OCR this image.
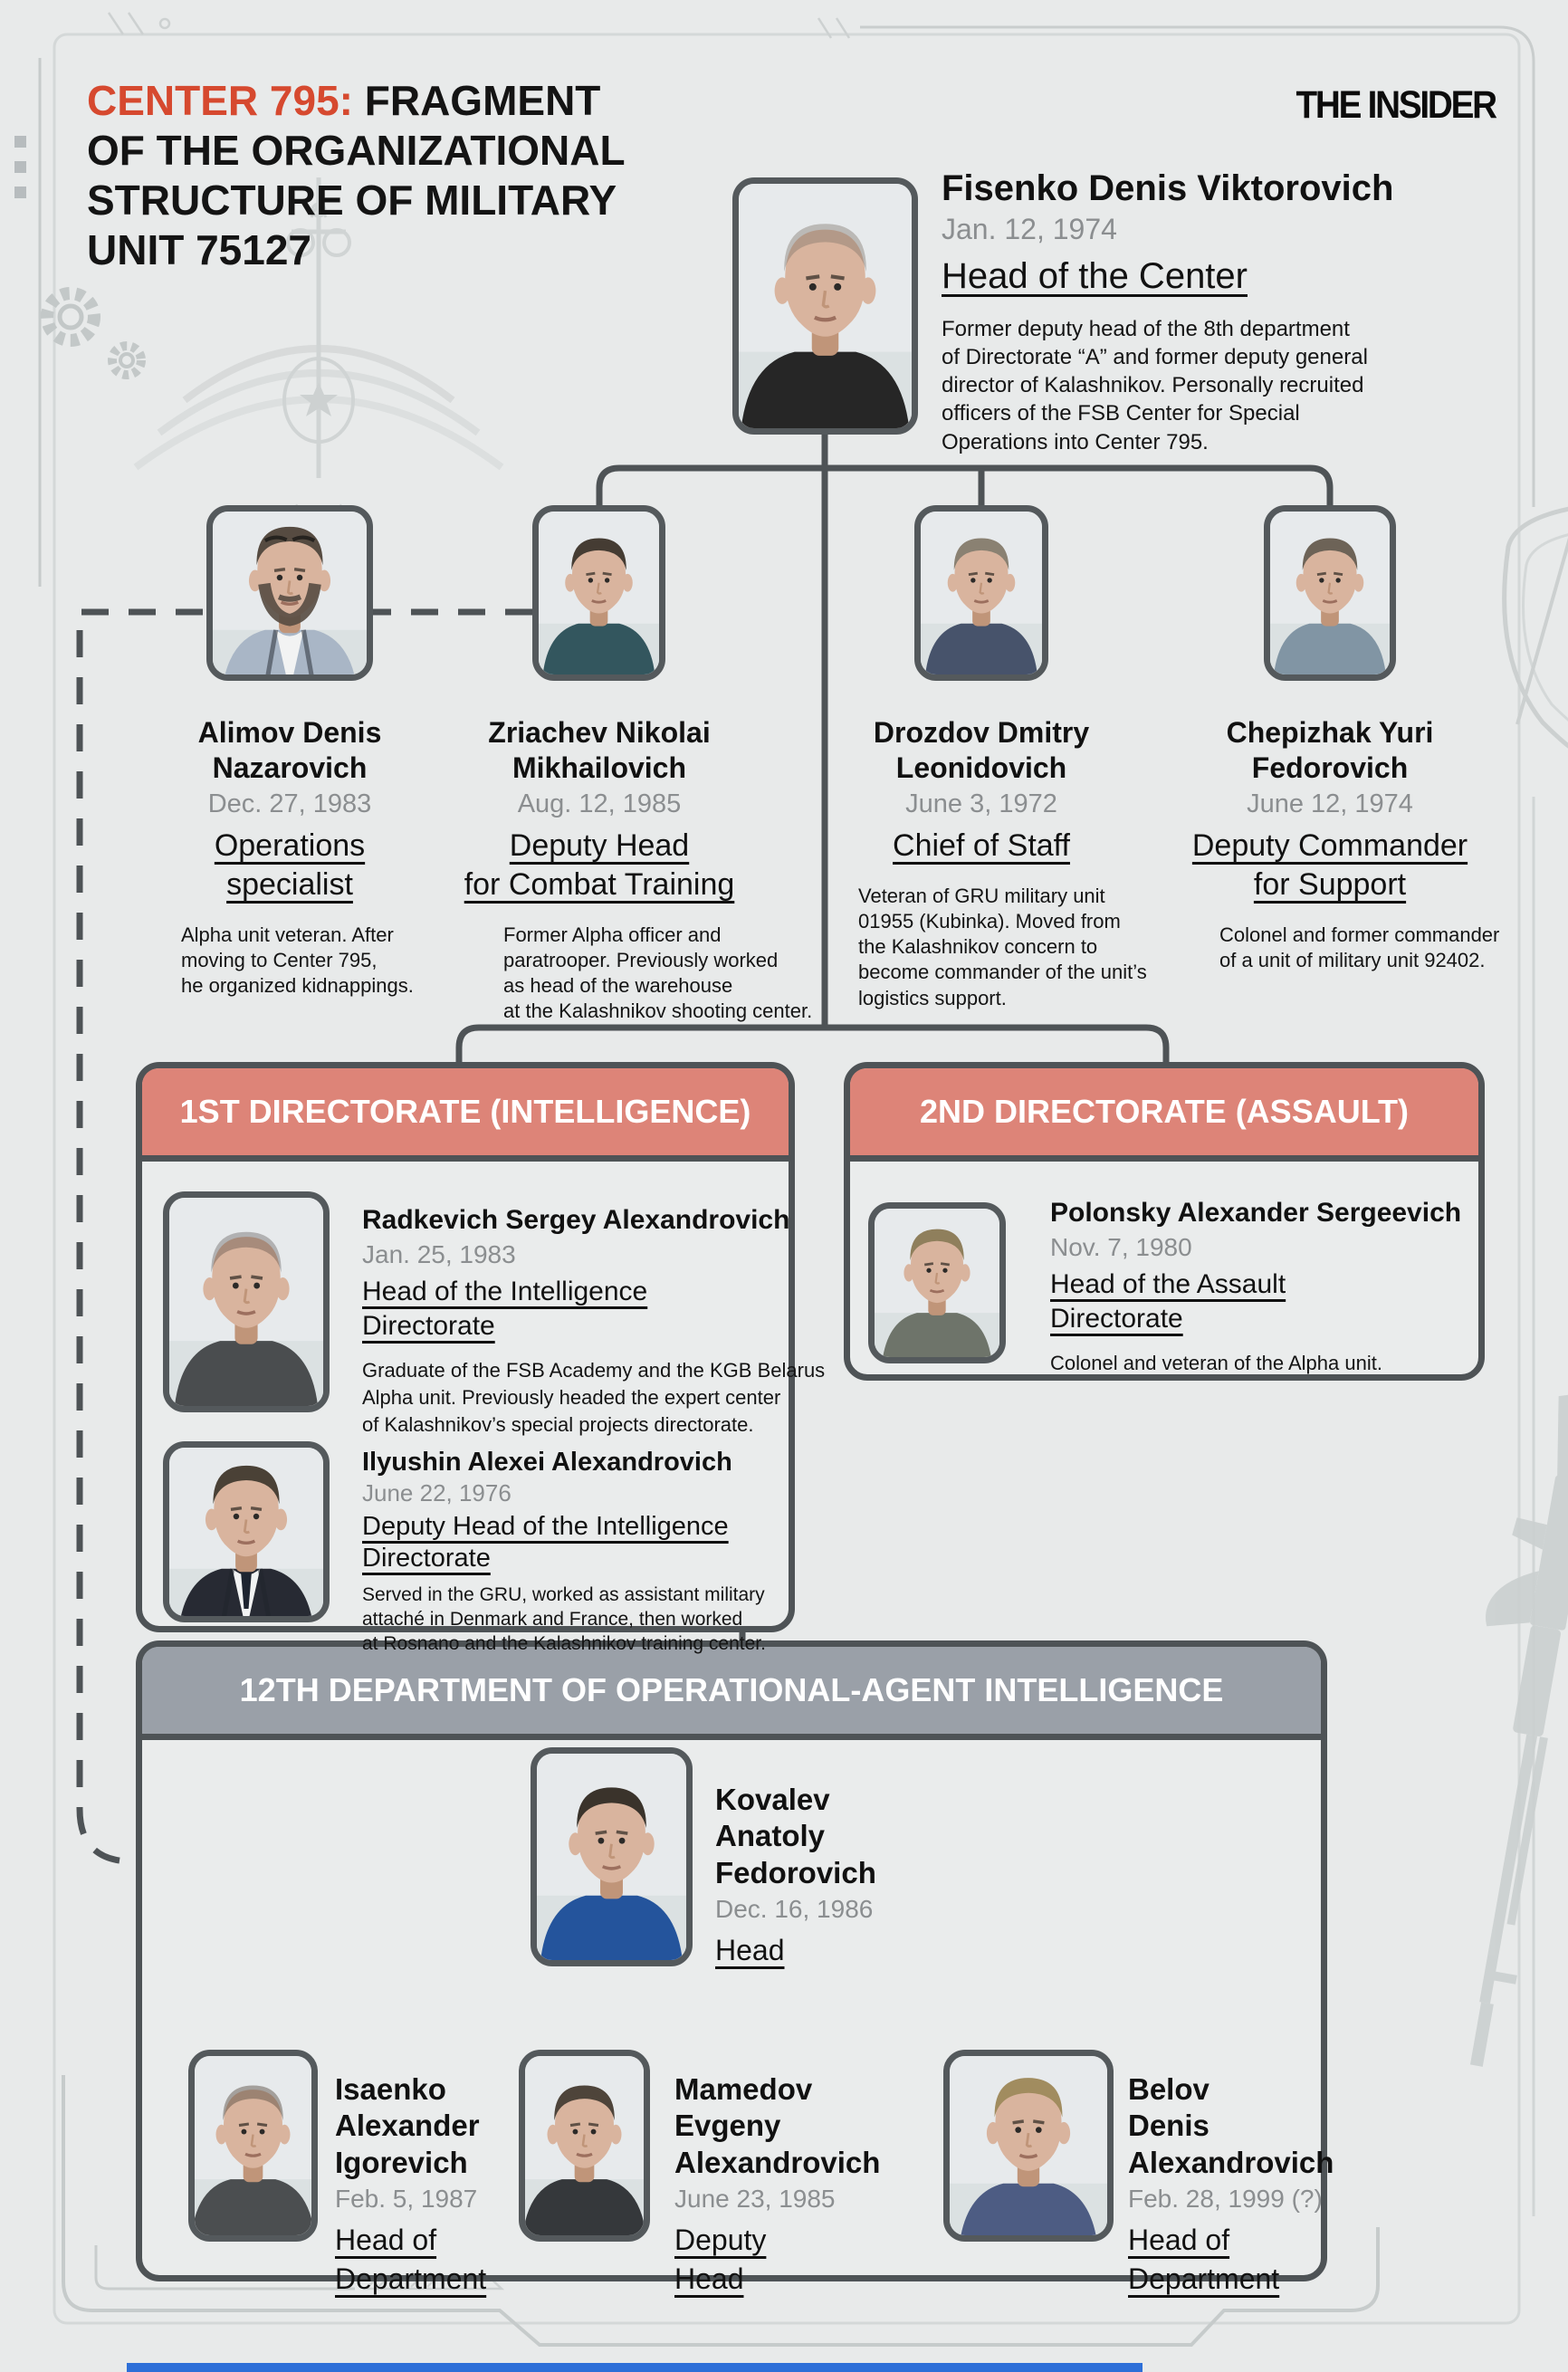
CENTER 795: FRAGMENT
OF THE ORGANIZATIONAL
STRUCTURE OF MILITARY
UNIT 75127
THE INSIDER
1ST DIRECTORATE (INTELLIGENCE)	2ND DIRECTORATE (ASSAULT)
12TH DEPARTMENT OF OPERATIONAL-AGENT INTELLIGENCE
Fisenko Denis Viktorovich
Jan. 12, 1974
Head of the Center
Former deputy head of the 8th department
of Directorate “A” and former deputy general
director of Kalashnikov. Personally recruited
officers of the FSB Center for Special
Operations into Center 795.
Alimov Denis
Nazarovich
Dec. 27, 1983
Operations
specialist
Alpha unit veteran. After
moving to Center 795,
he organized kidnappings.
Zriachev Nikolai
Mikhailovich
Aug. 12, 1985
Deputy Head
for Combat Training
Former Alpha officer and
paratrooper. Previously worked
as head of the warehouse
at the Kalashnikov shooting center.
Drozdov Dmitry
Leonidovich
June 3, 1972
Chief of Staff
Veteran of GRU military unit
01955 (Kubinka). Moved from
the Kalashnikov concern to
become commander of the unit’s
logistics support.
Chepizhak Yuri
Fedorovich
June 12, 1974
Deputy Commander
for Support
Colonel and former commander
of a unit of military unit 92402.
Radkevich Sergey Alexandrovich
Jan. 25, 1983
Head of the Intelligence
Directorate
Graduate of the FSB Academy and the KGB Belarus
Alpha unit. Previously headed the expert center
of Kalashnikov’s special projects directorate.
Ilyushin Alexei Alexandrovich
June 22, 1976
Deputy Head of the Intelligence
Directorate
Served in the GRU, worked as assistant military
attaché in Denmark and France, then worked
at Rosnano and the Kalashnikov training center.
Polonsky Alexander Sergeevich
Nov. 7, 1980
Head of the Assault
Directorate
Colonel and veteran of the Alpha unit.
Kovalev
Anatoly
Fedorovich
Dec. 16, 1986
Head
Isaenko
Alexander
Igorevich
Feb. 5, 1987
Head of
Department
Mamedov
Evgeny
Alexandrovich
June 23, 1985
Deputy
Head
Belov
Denis
Alexandrovich
Feb. 28, 1999 (?)
Head of
Department
